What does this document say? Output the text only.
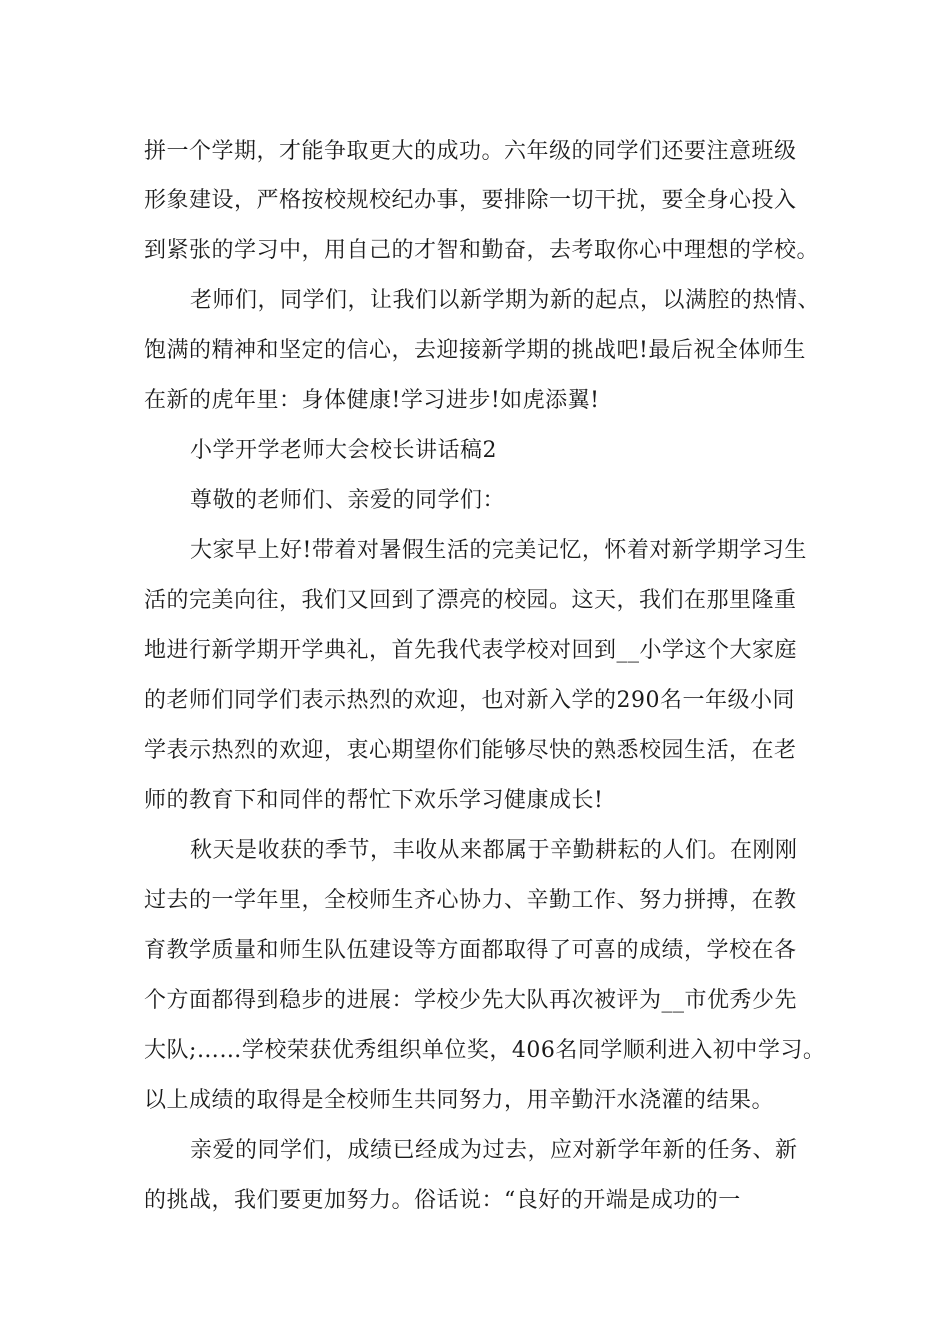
拼一个学期，才能争取更大的成功。六年级的同学们还要注意班级
形象建设，严格按校规校纪办事，要排除一切干扰，要全身心投入
到紧张的学习中，用自己的才智和勤奋，去考取你心中理想的学校。
老师们，同学们，让我们以新学期为新的起点，以满腔的热情、
饱满的精神和坚定的信心，去迎接新学期的挑战吧!最后祝全体师生
在新的虎年里：身体健康!学习进步!如虎添翼!
小学开学老师大会校长讲话稿2
尊敬的老师们、亲爱的同学们：
大家早上好!带着对暑假生活的完美记忆，怀着对新学期学习生
活的完美向往，我们又回到了漂亮的校园。这天，我们在那里隆重
地进行新学期开学典礼，首先我代表学校对回到__小学这个大家庭
的老师们同学们表示热烈的欢迎，也对新入学的290名一年级小同
学表示热烈的欢迎，衷心期望你们能够尽快的熟悉校园生活，在老
师的教育下和同伴的帮忙下欢乐学习健康成长!
秋天是收获的季节，丰收从来都属于辛勤耕耘的人们。在刚刚
过去的一学年里，全校师生齐心协力、辛勤工作、努力拼搏，在教
育教学质量和师生队伍建设等方面都取得了可喜的成绩，学校在各
个方面都得到稳步的进展：学校少先大队再次被评为__市优秀少先
大队;……学校荣获优秀组织单位奖，406名同学顺利进入初中学习。
以上成绩的取得是全校师生共同努力，用辛勤汗水浇灌的结果。
亲爱的同学们，成绩已经成为过去，应对新学年新的任务、新
的挑战，我们要更加努力。俗话说：“良好的开端是成功的一
